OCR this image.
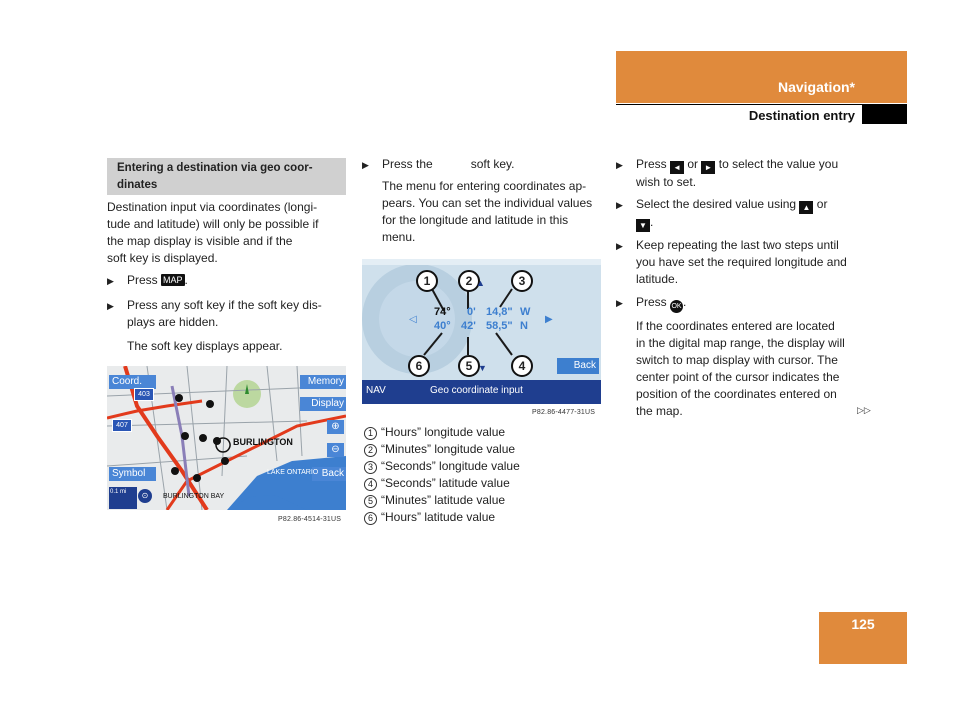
Navigation*
Destination entry
Entering a destination via geo coor-
dinates
Destination input via coordinates (longi-
tude and latitude) will only be possible if
the map display is visible and if the
soft key is displayed.
▶ Press MAP .
▶ Press any soft key if the soft key dis-
plays are hidden.
The soft key displays appear.
Coord.
Symbol
Memory
Display
⊕
⊖
Back
BURLINGTON
LAKE ONTARIO
BURLINGTON BAY
403
407
0.1 mi	⊙
P82.86-4514-31US
▶ Press the	soft key.
The menu for entering coordinates ap-
pears. You can set the individual values
for the longitude and latitude in this
menu.
1	2	3
4
5
6
▲
▼
◁	▶
74° 0' 14,8" W
40° 42' 58,5" N
Back
NAV	Geo coordinate input
P82.86-4477-31US
1 “Hours” longitude value
2 “Minutes” longitude value
3 “Seconds” longitude value
4 “Seconds” latitude value
5 “Minutes” latitude value
6 “Hours” latitude value
▶ Press ◄ or ► to select the value you
wish to set.
▶ Select the desired value using ▲ or
▼ .
▶ Keep repeating the last two steps until
you have set the required longitude and
latitude.
▶ Press OK.
If the coordinates entered are located
in the digital map range, the display will
switch to map display with cursor. The
center point of the cursor indicates the
position of the coordinates entered on
the map.	▷▷
125
